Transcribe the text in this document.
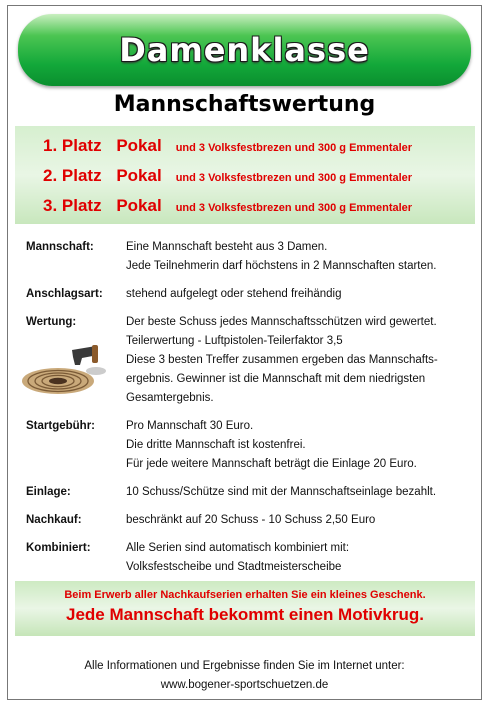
Damenklasse
Mannschaftswertung
1. Platz Pokal	und 3 Volksfestbrezen und 300 g Emmentaler
2. Platz Pokal	und 3 Volksfestbrezen und 300 g Emmentaler
3. Platz Pokal	und 3 Volksfestbrezen und 300 g Emmentaler
Mannschaft:	Eine Mannschaft besteht aus 3 Damen.

Jede Teilnehmerin darf höchstens in 2 Mannschaften starten.

Anschlagsart:	stehend aufgelegt oder stehend freihändig

Wertung:	Der beste Schuss jedes Mannschaftsschützen wird gewertet.

Teilerwertung - Luftpistolen-Teilerfaktor 3,5

Diese 3 besten Treffer zusammen ergeben das Mannschafts-

ergebnis. Gewinner ist die Mannschaft mit dem niedrigsten

Gesamtergebnis.

Startgebühr:	Pro Mannschaft 30 Euro.

Die dritte Mannschaft ist kostenfrei.

Für jede weitere Mannschaft beträgt die Einlage 20 Euro.

Einlage:	10 Schuss/Schütze sind mit der Mannschaftseinlage bezahlt.

Nachkauf:	beschränkt auf 20 Schuss - 10 Schuss 2,50 Euro

Kombiniert:	Alle Serien sind automatisch kombiniert mit:

Volksfestscheibe und Stadtmeisterscheibe

Beim Erwerb aller Nachkaufserien erhalten Sie ein kleines Geschenk.
Jede Mannschaft bekommt einen Motivkrug.
Alle Informationen und Ergebnisse finden Sie im Internet unter:
www.bogener-sportschuetzen.de
